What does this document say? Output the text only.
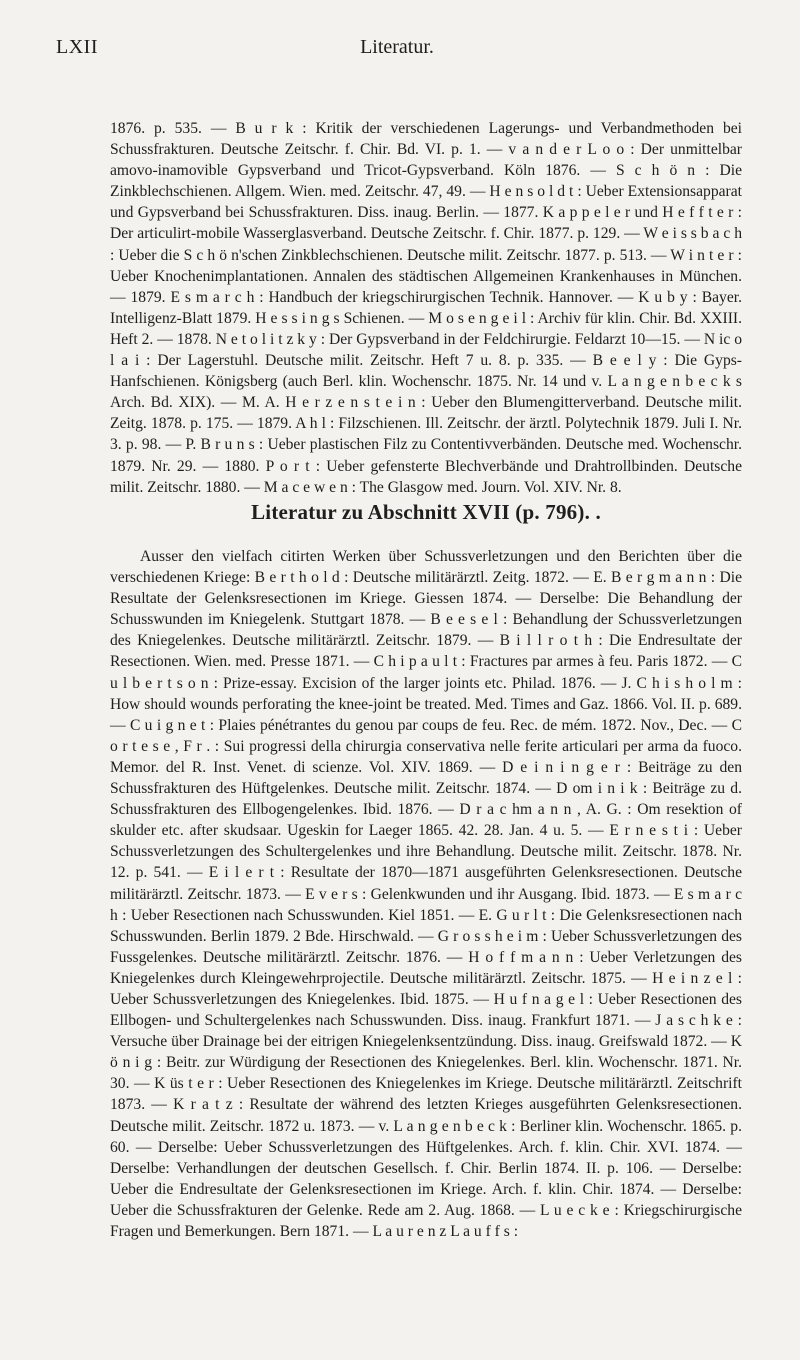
LXII	Literatur.

1876. p. 535. — B u r k : Kritik der verschiedenen Lagerungs- und Verbandmethoden bei Schussfrakturen. Deutsche Zeitschr. f. Chir. Bd. VI. p. 1. — v a n d e r L o o : Der unmittelbar amovo-inamovible Gypsverband und Tricot-Gypsverband. Köln 1876. — S c h ö n : Die Zinkblechschienen. Allgem. Wien. med. Zeitschr. 47, 49. — H e n s o l d t : Ueber Extensionsapparat und Gypsverband bei Schussfrakturen. Diss. inaug. Berlin. — 1877. K a p p e l e r und H e f f t e r : Der articulirt-mobile Wasserglasverband. Deutsche Zeitschr. f. Chir. 1877. p. 129. — W e i s s b a c h : Ueber die S c h ö n'schen Zinkblechschienen. Deutsche milit. Zeitschr. 1877. p. 513. — W i n t e r : Ueber Knochenimplantationen. Annalen des städtischen Allgemeinen Krankenhauses in München. — 1879. E s m a r c h : Handbuch der kriegschirurgischen Technik. Hannover. — K u b y : Bayer. Intelligenz-Blatt 1879. H e s s i n g s Schienen. — M o s e n g e i l : Archiv für klin. Chir. Bd. XXIII. Heft 2. — 1878. N e t o l i t z k y : Der Gypsverband in der Feldchirurgie. Feldarzt 10—15. — N ic o l a i : Der Lagerstuhl. Deutsche milit. Zeitschr. Heft 7 u. 8. p. 335. — B e e l y : Die Gyps-Hanfschienen. Königsberg (auch Berl. klin. Wochenschr. 1875. Nr. 14 und v. L a n g e n b e c k s Arch. Bd. XIX). — M. A. H e r z e n s t e i n : Ueber den Blumengitterverband. Deutsche milit. Zeitg. 1878. p. 175. — 1879. A h l : Filzschienen. Ill. Zeitschr. der ärztl. Polytechnik 1879. Juli I. Nr. 3. p. 98. — P. B r u n s : Ueber plastischen Filz zu Contentivverbänden. Deutsche med. Wochenschr. 1879. Nr. 29. — 1880. P o r t : Ueber gefensterte Blechverbände und Drahtrollbinden. Deutsche milit. Zeitschr. 1880. — M a c e w e n : The Glasgow med. Journ. Vol. XIV. Nr. 8.

Literatur zu Abschnitt XVII (p. 796). .

Ausser den vielfach citirten Werken über Schussverletzungen und den Berichten über die verschiedenen Kriege: B e r t h o l d : Deutsche militärärztl. Zeitg. 1872. — E. B e r g m a n n : Die Resultate der Gelenksresectionen im Kriege. Giessen 1874. — Derselbe: Die Behandlung der Schusswunden im Kniegelenk. Stuttgart 1878. — B e e s e l : Behandlung der Schussverletzungen des Kniegelenkes. Deutsche militärärztl. Zeitschr. 1879. — B i l l r o t h : Die Endresultate der Resectionen. Wien. med. Presse 1871. — C h i p a u l t : Fractures par armes à feu. Paris 1872. — C u l b e r t s o n : Prize-essay. Excision of the larger joints etc. Philad. 1876. — J. C h i s h o l m : How should wounds perforating the knee-joint be treated. Med. Times and Gaz. 1866. Vol. II. p. 689. — C u i g n e t : Plaies pénétrantes du genou par coups de feu. Rec. de mém. 1872. Nov., Dec. — C o r t e s e , F r . : Sui progressi della chirurgia conservativa nelle ferite articulari per arma da fuoco. Memor. del R. Inst. Venet. di scienze. Vol. XIV. 1869. — D e i n i n g e r : Beiträge zu den Schussfrakturen des Hüftgelenkes. Deutsche milit. Zeitschr. 1874. — D om i n i k : Beiträge zu d. Schussfrakturen des Ellbogengelenkes. Ibid. 1876. — D r a c hm a n n , A. G. : Om resektion of skulder etc. after skudsaar. Ugeskin for Laeger 1865. 42. 28. Jan. 4 u. 5. — E r n e s t i : Ueber Schussverletzungen des Schultergelenkes und ihre Behandlung. Deutsche milit. Zeitschr. 1878. Nr. 12. p. 541. — E i l e r t : Resultate der 1870—1871 ausgeführten Gelenksresectionen. Deutsche militärärztl. Zeitschr. 1873. — E v e r s : Gelenkwunden und ihr Ausgang. Ibid. 1873. — E s m a r c h : Ueber Resectionen nach Schusswunden. Kiel 1851. — E. G u r l t : Die Gelenksresectionen nach Schusswunden. Berlin 1879. 2 Bde. Hirschwald. — G r o s s h e i m : Ueber Schussverletzungen des Fussgelenkes. Deutsche militärärztl. Zeitschr. 1876. — H o f f m a n n : Ueber Verletzungen des Kniegelenkes durch Kleingewehrprojectile. Deutsche militärärztl. Zeitschr. 1875. — H e i n z e l : Ueber Schussverletzungen des Kniegelenkes. Ibid. 1875. — H u f n a g e l : Ueber Resectionen des Ellbogen- und Schultergelenkes nach Schusswunden. Diss. inaug. Frankfurt 1871. — J a s c h k e : Versuche über Drainage bei der eitrigen Kniegelenksentzündung. Diss. inaug. Greifswald 1872. — K ö n i g : Beitr. zur Würdigung der Resectionen des Kniegelenkes. Berl. klin. Wochenschr. 1871. Nr. 30. — K üs t e r : Ueber Resectionen des Kniegelenkes im Kriege. Deutsche militärärztl. Zeitschrift 1873. — K r a t z : Resultate der während des letzten Krieges ausgeführten Gelenksresectionen. Deutsche milit. Zeitschr. 1872 u. 1873. — v. L a n g e n b e c k : Berliner klin. Wochenschr. 1865. p. 60. — Derselbe: Ueber Schussverletzungen des Hüftgelenkes. Arch. f. klin. Chir. XVI. 1874. — Derselbe: Verhandlungen der deutschen Gesellsch. f. Chir. Berlin 1874. II. p. 106. — Derselbe: Ueber die Endresultate der Gelenksresectionen im Kriege. Arch. f. klin. Chir. 1874. — Derselbe: Ueber die Schussfrakturen der Gelenke. Rede am 2. Aug. 1868. — L u e c k e : Kriegschirurgische Fragen und Bemerkungen. Bern 1871. — L a u r e n z L a u f f s :
